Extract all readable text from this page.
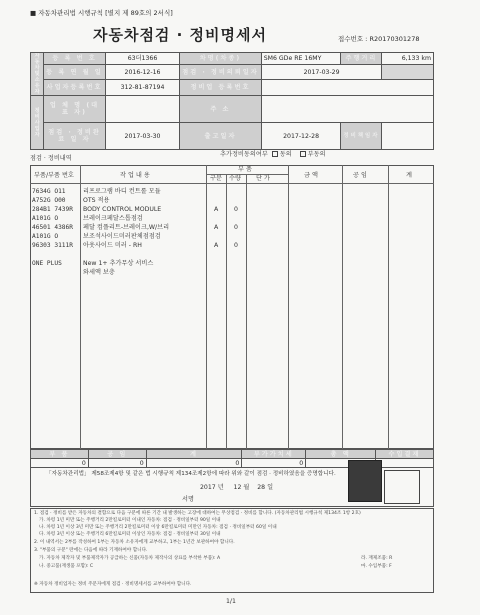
■ 자동차관리법 시행규칙 [별지 제 89호의 2서식]
자동차점검 · 정비명세서	접수번호 : R20170301278
자동차 및 소유자	등 록 번 호	63더1366	차명(차종)	SM6 GDe RE 16MY	주행거리	6,133 km
	등 록 연 월 일	2016-12-16	점검 · 정비의뢰일자	2017-03-29		
	사업자등록번호	312-81-87194	정비업 등록번호			
정비 사업자	업 체 명 (대 표 자)		주 소			
	점검 · 정비완료 일 자	2017-03-30	출고일자	2017-12-28	정비책임자	
점검 · 정비내역
추가정비동의여부 동의	부동의
부품/부품 번호	작 업 내 용
부 품
구분 수량 단 가	금 액	공 임	계
7634G O11	리프로그램 바디 컨트롤 모듈
A752G O00	OTS 적용
284B1 7439R BODY CONTROL MODULE	A	0
A101G O	브레이크페달스톱점검
46501 4386R 페달 컴플리트-브레이크,W/브리	A	0
A101G O	보조석사이드미러판체점점검
96303 3111R 아웃사이드 미러 - RH	A	0
ONE PLUS	New 1+ 추가무상 서비스
와세액 보충
부 품	공 임	계	부가가치세	총 액	수입결재
0	0	0	0		
「자동차관리법」 제58조제4항 및 같은 법 시행규칙 제134조제2항에 따라 위와 같이 점검 · 정비하였음을 증명합니다.
2017 년 12 월 28 일
서명
1. 점검 · 정비를 받은 자동차의 결함으로 다음 구분에 따른 기간 내 발생하는 고장에 대하여는 무상점검 · 정비를 합니다. (자동차관리법 시행규칙 제134조 1항 2호)
가. 차령 1년 미만 또는 주행거리 2만킬로미터 이내인 자동차: 점검 · 정비일부터 90일 이내
나. 차령 1년 이상 3년 미만 또는 주행거리 2만킬로미터 이상 6만킬로미터 미만인 자동차: 점검 · 정비일부터 60일 이내
다. 차령 3년 이상 또는 주행거리 6만킬로미터 이상인 자동차: 점검 · 정비일부터 30일 이내
2. 이 내역서는 2부를 작성하여 1부는 자동차 소유자에게 교부하고, 1부는 1년간 보관하여야 합니다.
3. "부품의 구분" 란에는 다음에 따라 기재하여야 합니다.
가. 자동차 제작자 및 부품제작자가 공급하는 신품(자동차 제작사의 상표를 부착한 부품): A
나. 중고품(재생품 포함): C
라. 재제조품: R
마. 수입부품: F
※ 자동차 정비업자는 정비 주문자에게 점검 · 정비명세서를 교부하여야 합니다.
1/1
